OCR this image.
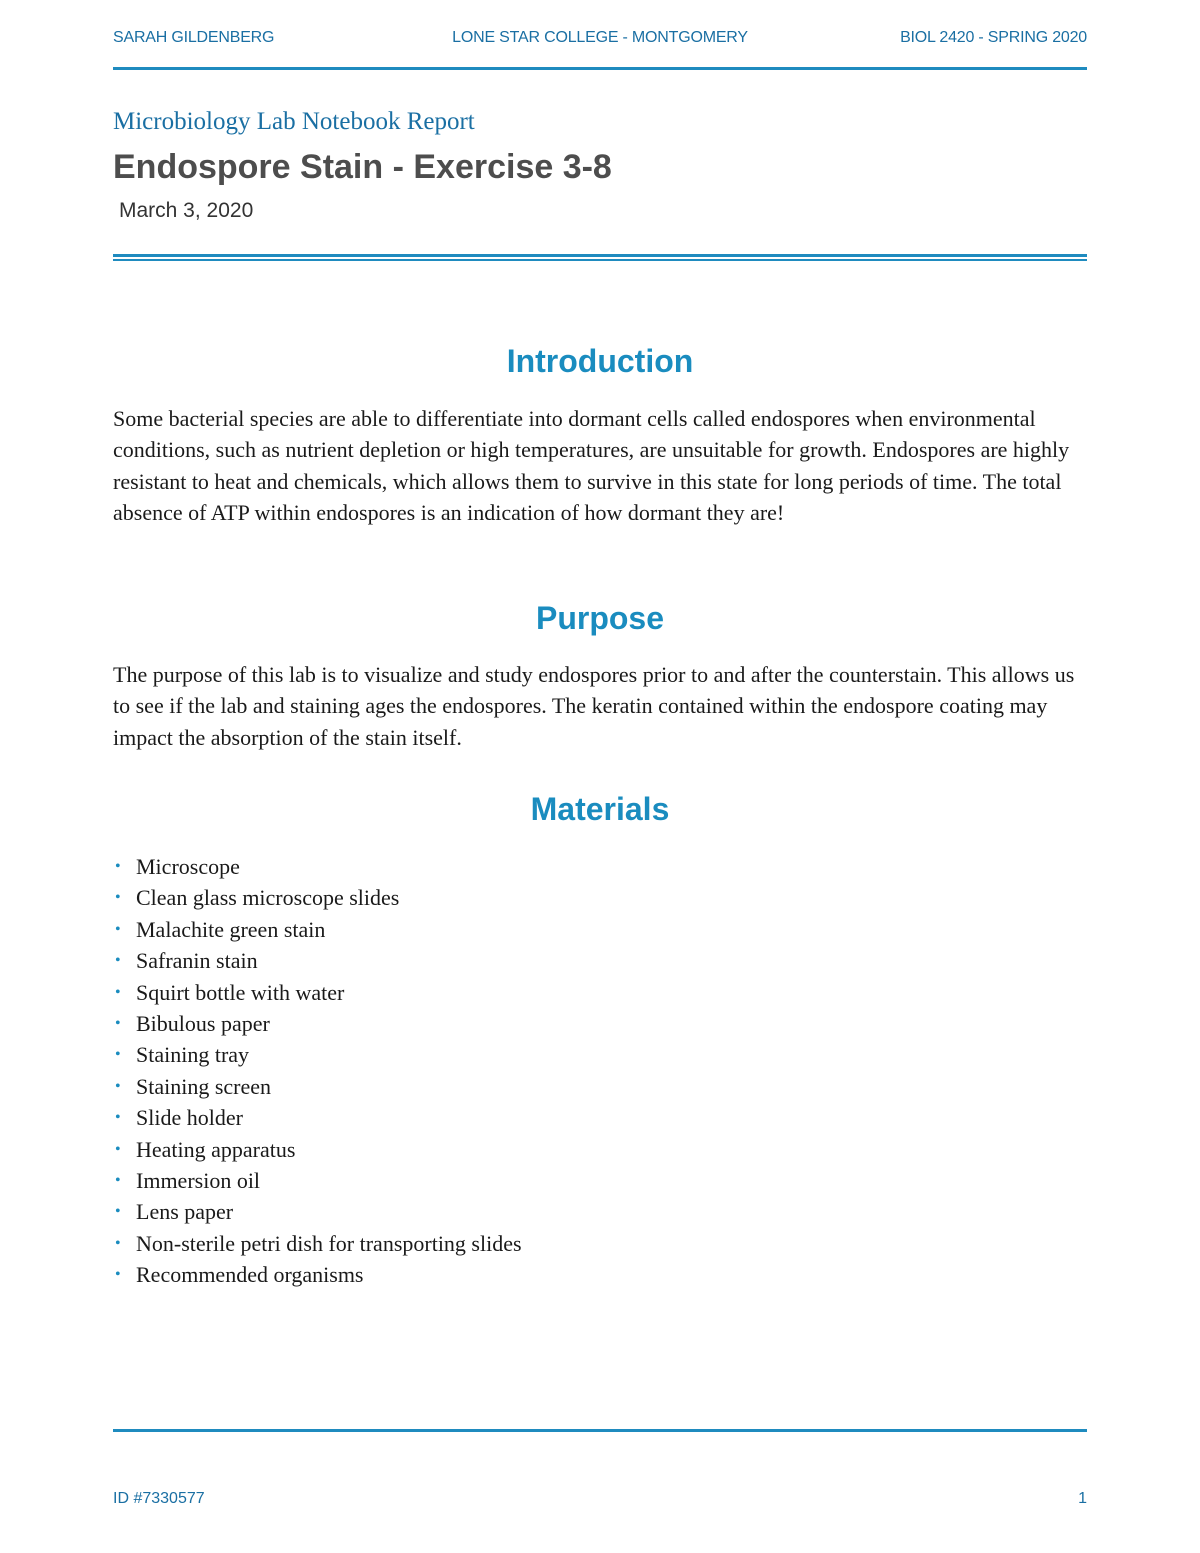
SARAH GILDENBERG	LONE STAR COLLEGE - MONTGOMERY	BIOL 2420 - SPRING 2020
Microbiology Lab Notebook Report
Endospore Stain - Exercise 3-8
March 3, 2020
Introduction
Some bacterial species are able to differentiate into dormant cells called endospores when environmental conditions, such as nutrient depletion or high temperatures, are unsuitable for growth. Endospores are highly resistant to heat and chemicals, which allows them to survive in this state for long periods of time. The total absence of ATP within endospores is an indication of how dormant they are!
Purpose
The purpose of this lab is to visualize and study endospores prior to and after the counterstain. This allows us to see if the lab and staining ages the endospores. The keratin contained within the endospore coating may impact the absorption of the stain itself.
Materials
• Microscope
• Clean glass microscope slides
• Malachite green stain
• Safranin stain
• Squirt bottle with water
• Bibulous paper
• Staining tray
• Staining screen
• Slide holder
• Heating apparatus
• Immersion oil
• Lens paper
• Non-sterile petri dish for transporting slides
• Recommended organisms
ID #7330577	1
